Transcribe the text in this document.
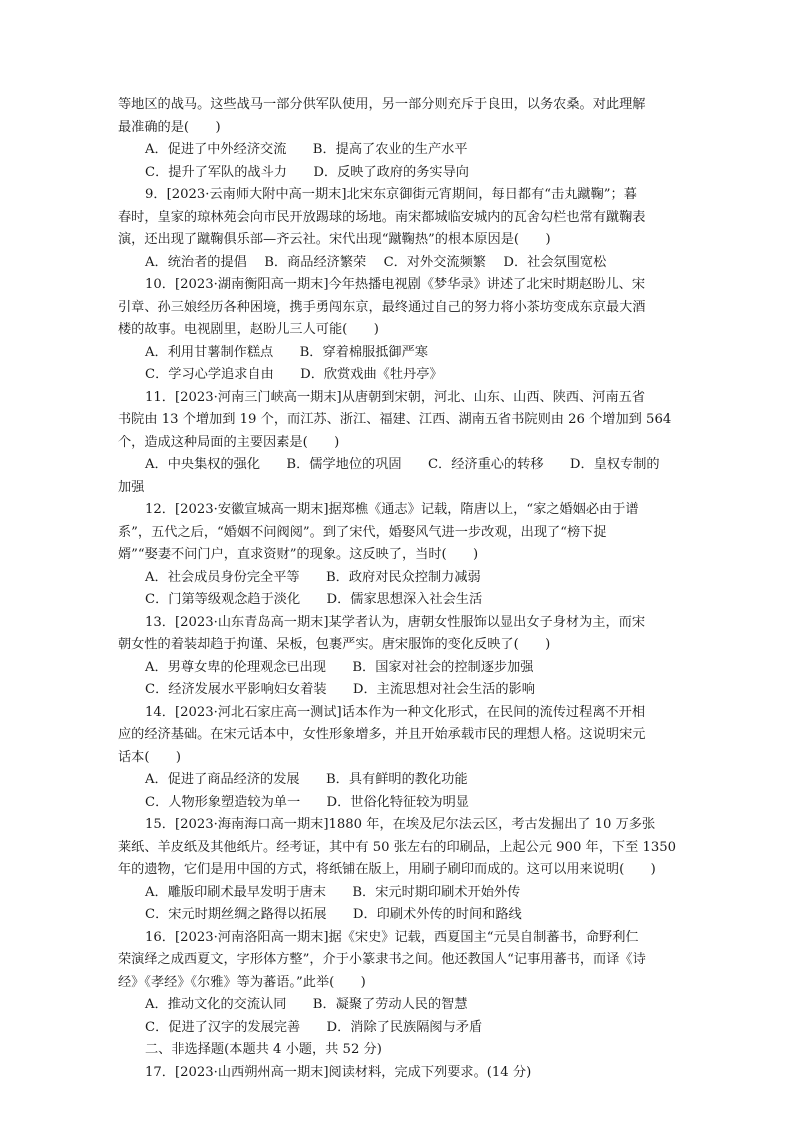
等地区的战马。这些战马一部分供军队使用，另一部分则充斥于良田，以务农桑。对此理解
最准确的是(　　)
A．促进了中外经济交流　　B．提高了农业的生产水平
C．提升了军队的战斗力　　D．反映了政府的务实导向
9．[2023·云南师大附中高一期末]北宋东京御街元宵期间，每日都有“击丸蹴鞠”；暮
春时，皇家的琼林苑会向市民开放踢球的场地。南宋都城临安城内的瓦舍勾栏也常有蹴鞠表
演，还出现了蹴鞠俱乐部—齐云社。宋代出现“蹴鞠热”的根本原因是(　　)
A．统治者的提倡　 B．商品经济繁荣　 C．对外交流频繁　 D．社会氛围宽松
10．[2023·湖南衡阳高一期末]今年热播电视剧《梦华录》讲述了北宋时期赵盼儿、宋
引章、孙三娘经历各种困境，携手勇闯东京，最终通过自己的努力将小茶坊变成东京最大酒
楼的故事。电视剧里，赵盼儿三人可能(　　)
A．利用甘薯制作糕点　　B．穿着棉服抵御严寒
C．学习心学追求自由　　D．欣赏戏曲《牡丹亭》
11．[2023·河南三门峡高一期末]从唐朝到宋朝，河北、山东、山西、陕西、河南五省
书院由 13 个增加到 19 个，而江苏、浙江、福建、江西、湖南五省书院则由 26 个增加到 564
个，造成这种局面的主要因素是(　　)
A．中央集权的强化　　B．儒学地位的巩固　　C．经济重心的转移　　D．皇权专制的
加强
12．[2023·安徽宣城高一期末]据郑樵《通志》记载，隋唐以上，“家之婚姻必由于谱
系”，五代之后，“婚姻不问阀阅”。到了宋代，婚娶风气进一步改观，出现了“榜下捉
婿”“娶妻不问门户，直求资财”的现象。这反映了，当时(　　)
A．社会成员身份完全平等　　B．政府对民众控制力减弱
C．门第等级观念趋于淡化　　D．儒家思想深入社会生活
13．[2023·山东青岛高一期末]某学者认为，唐朝女性服饰以显出女子身材为主，而宋
朝女性的着装却趋于拘谨、呆板，包裹严实。唐宋服饰的变化反映了(　　)
A．男尊女卑的伦理观念已出现　　B．国家对社会的控制逐步加强
C．经济发展水平影响妇女着装　　D．主流思想对社会生活的影响
14．[2023·河北石家庄高一测试]话本作为一种文化形式，在民间的流传过程离不开相
应的经济基础。在宋元话本中，女性形象增多，并且开始承载市民的理想人格。这说明宋元
话本(　　)
A．促进了商品经济的发展　　B．具有鲜明的教化功能
C．人物形象塑造较为单一　　D．世俗化特征较为明显
15．[2023·海南海口高一期末]1880 年，在埃及尼尔法云区，考古发掘出了 10 万多张
莱纸、羊皮纸及其他纸片。经考证，其中有 50 张左右的印刷品，上起公元 900 年，下至 1350
年的遗物，它们是用中国的方式，将纸铺在版上，用刷子刷印而成的。这可以用来说明(　　)
A．雕版印刷术最早发明于唐末　　B．宋元时期印刷术开始外传
C．宋元时期丝绸之路得以拓展　　D．印刷术外传的时间和路线
16．[2023·河南洛阳高一期末]据《宋史》记载，西夏国主“元昊自制蕃书，命野利仁
荣演绎之成西夏文，字形体方整”，介于小篆隶书之间。他还教国人“记事用蕃书，而译《诗
经》《孝经》《尔雅》等为蕃语。”此举(　　)
A．推动文化的交流认同　　B．凝聚了劳动人民的智慧
C．促进了汉字的发展完善　　D．消除了民族隔阂与矛盾
二、非选择题(本题共 4 小题，共 52 分)
17．[2023·山西朔州高一期末]阅读材料，完成下列要求。(14 分)
